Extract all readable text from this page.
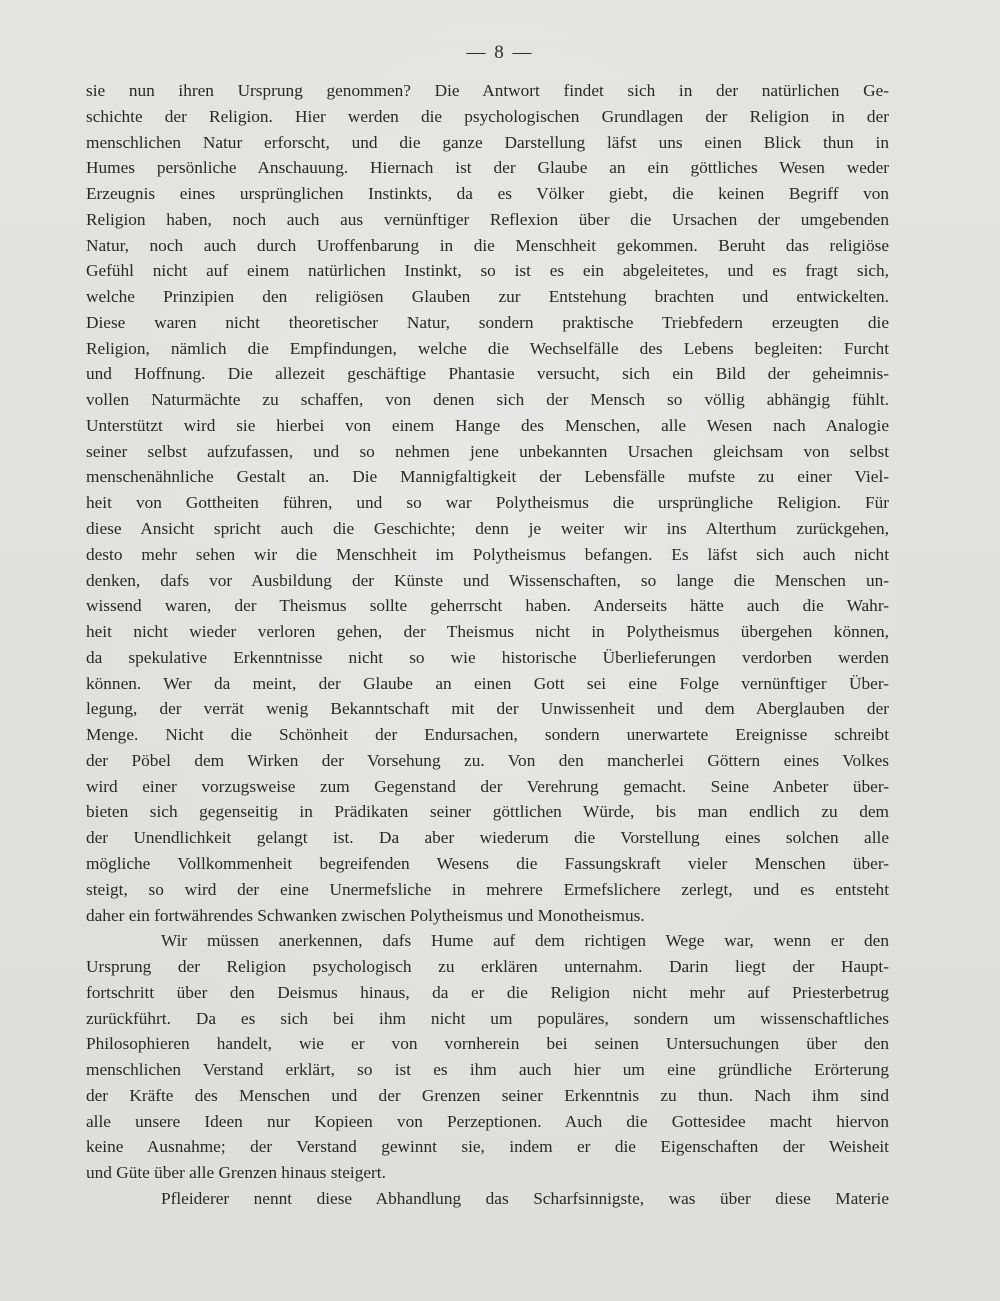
— 8 —
sie nun ihren Ursprung genommen? Die Antwort findet sich in der natürlichen Ge-
schichte der Religion. Hier werden die psychologischen Grundlagen der Religion in der
menschlichen Natur erforscht, und die ganze Darstellung läfst uns einen Blick thun in
Humes persönliche Anschauung. Hiernach ist der Glaube an ein göttliches Wesen weder
Erzeugnis eines ursprünglichen Instinkts, da es Völker giebt, die keinen Begriff von
Religion haben, noch auch aus vernünftiger Reflexion über die Ursachen der umgebenden
Natur, noch auch durch Uroffenbarung in die Menschheit gekommen. Beruht das religiöse
Gefühl nicht auf einem natürlichen Instinkt, so ist es ein abgeleitetes, und es fragt sich,
welche Prinzipien den religiösen Glauben zur Entstehung brachten und entwickelten.
Diese waren nicht theoretischer Natur, sondern praktische Triebfedern erzeugten die
Religion, nämlich die Empfindungen, welche die Wechselfälle des Lebens begleiten: Furcht
und Hoffnung. Die allezeit geschäftige Phantasie versucht, sich ein Bild der geheimnis-
vollen Naturmächte zu schaffen, von denen sich der Mensch so völlig abhängig fühlt.
Unterstützt wird sie hierbei von einem Hange des Menschen, alle Wesen nach Analogie
seiner selbst aufzufassen, und so nehmen jene unbekannten Ursachen gleichsam von selbst
menschenähnliche Gestalt an. Die Mannigfaltigkeit der Lebensfälle mufste zu einer Viel-
heit von Gottheiten führen, und so war Polytheismus die ursprüngliche Religion. Für
diese Ansicht spricht auch die Geschichte; denn je weiter wir ins Alterthum zurückgehen,
desto mehr sehen wir die Menschheit im Polytheismus befangen. Es läfst sich auch nicht
denken, dafs vor Ausbildung der Künste und Wissenschaften, so lange die Menschen un-
wissend waren, der Theismus sollte geherrscht haben. Anderseits hätte auch die Wahr-
heit nicht wieder verloren gehen, der Theismus nicht in Polytheismus übergehen können,
da spekulative Erkenntnisse nicht so wie historische Überlieferungen verdorben werden
können. Wer da meint, der Glaube an einen Gott sei eine Folge vernünftiger Über-
legung, der verrät wenig Bekanntschaft mit der Unwissenheit und dem Aberglauben der
Menge. Nicht die Schönheit der Endursachen, sondern unerwartete Ereignisse schreibt
der Pöbel dem Wirken der Vorsehung zu. Von den mancherlei Göttern eines Volkes
wird einer vorzugsweise zum Gegenstand der Verehrung gemacht. Seine Anbeter über-
bieten sich gegenseitig in Prädikaten seiner göttlichen Würde, bis man endlich zu dem
der Unendlichkeit gelangt ist. Da aber wiederum die Vorstellung eines solchen alle
mögliche Vollkommenheit begreifenden Wesens die Fassungskraft vieler Menschen über-
steigt, so wird der eine Unermefsliche in mehrere Ermefslichere zerlegt, und es entsteht
daher ein fortwährendes Schwanken zwischen Polytheismus und Monotheismus.
Wir müssen anerkennen, dafs Hume auf dem richtigen Wege war, wenn er den
Ursprung der Religion psychologisch zu erklären unternahm. Darin liegt der Haupt-
fortschritt über den Deismus hinaus, da er die Religion nicht mehr auf Priesterbetrug
zurückführt. Da es sich bei ihm nicht um populäres, sondern um wissenschaftliches
Philosophieren handelt, wie er von vornherein bei seinen Untersuchungen über den
menschlichen Verstand erklärt, so ist es ihm auch hier um eine gründliche Erörterung
der Kräfte des Menschen und der Grenzen seiner Erkenntnis zu thun. Nach ihm sind
alle unsere Ideen nur Kopieen von Perzeptionen. Auch die Gottesidee macht hiervon
keine Ausnahme; der Verstand gewinnt sie, indem er die Eigenschaften der Weisheit
und Güte über alle Grenzen hinaus steigert.
Pfleiderer nennt diese Abhandlung das Scharfsinnigste, was über diese Materie
